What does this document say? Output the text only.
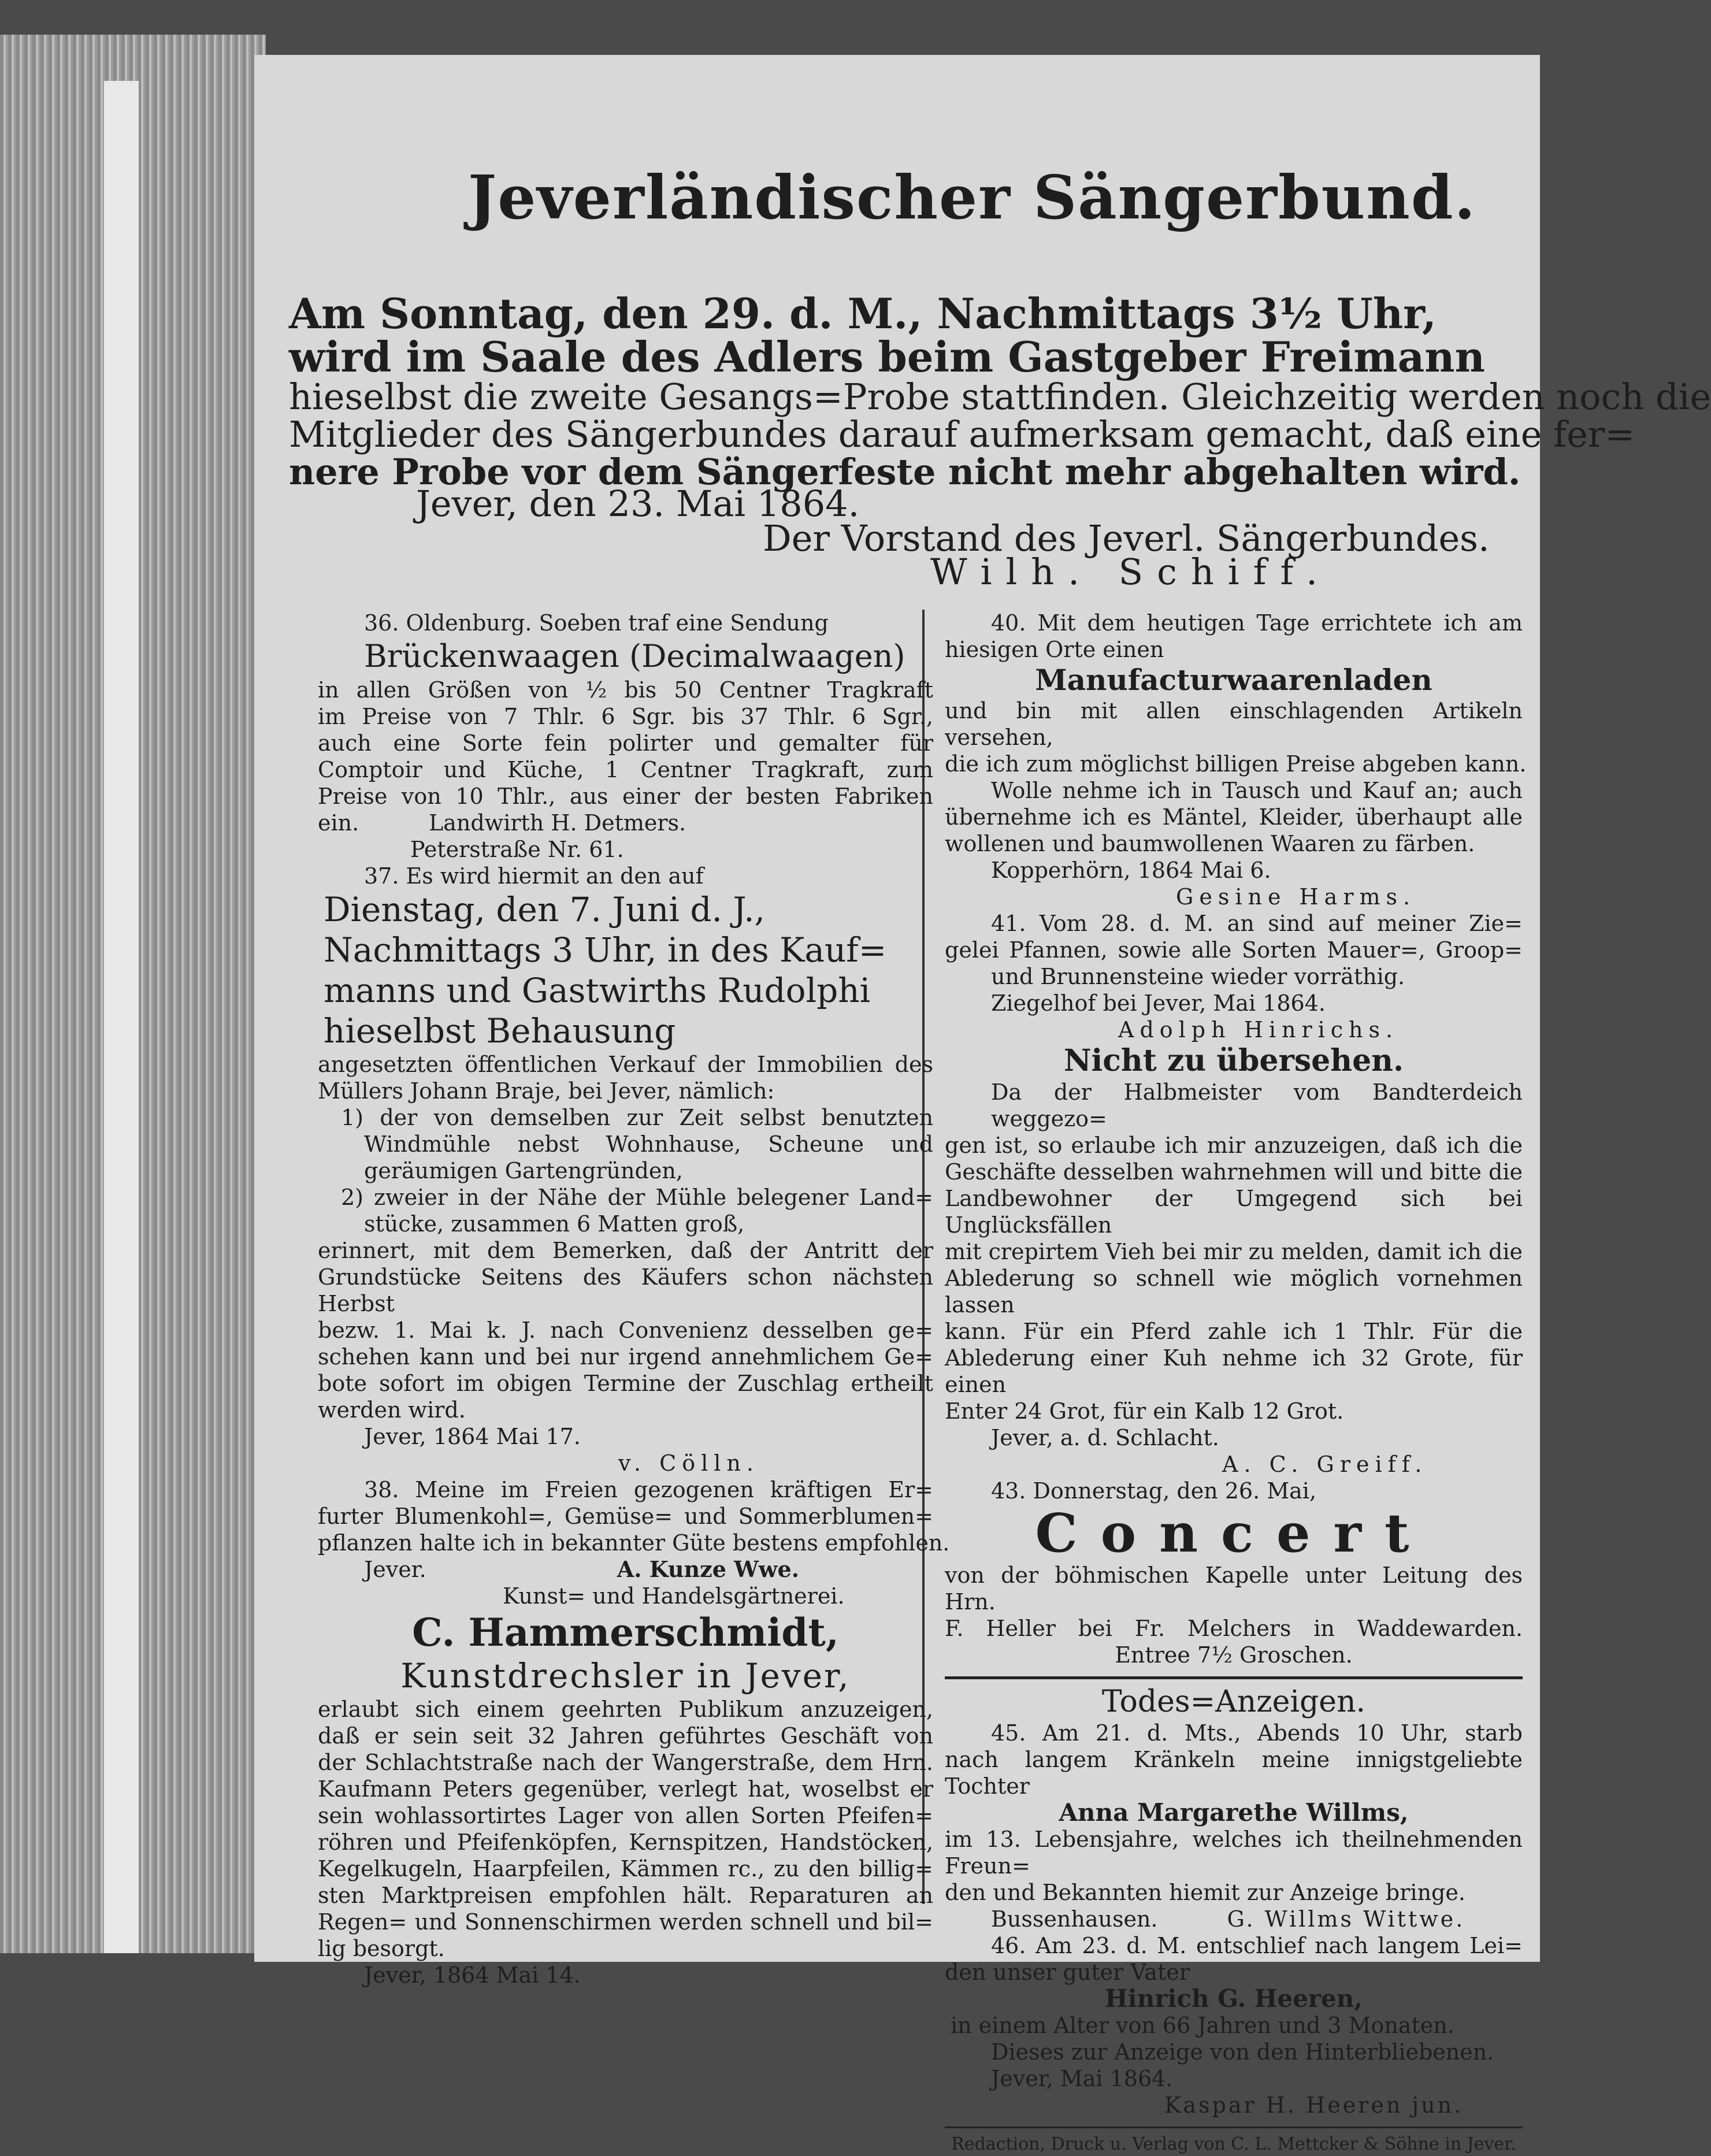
Jeverländischer Sängerbund.

Am Sonntag, den 29. d. M., Nachmittags 3½ Uhr,

wird im Saale des Adlers beim Gastgeber Freimann

hieselbst die zweite Gesangs=Probe stattfinden. Gleichzeitig werden noch die

Mitglieder des Sängerbundes darauf aufmerksam gemacht, daß eine fer=

nere Probe vor dem Sängerfeste nicht mehr abgehalten wird.

Jever, den 23. Mai 1864.

Der Vorstand des Jeverl. Sängerbundes.

Wilh. Schiff.

36. Oldenburg. Soeben traf eine Sendung

Brückenwaagen (Decimalwaagen)

in allen Größen von ½ bis 50 Centner Tragkraft

im Preise von 7 Thlr. 6 Sgr. bis 37 Thlr. 6 Sgr.,

auch eine Sorte fein polirter und gemalter für

Comptoir und Küche, 1 Centner Tragkraft, zum

Preise von 10 Thlr., aus einer der besten Fabriken

ein.          Landwirth H. Detmers.

Peterstraße Nr. 61.

37. Es wird hiermit an den auf

Dienstag, den 7. Juni d. J.,

Nachmittags 3 Uhr, in des Kauf=

manns und Gastwirths Rudolphi

hieselbst Behausung

angesetzten öffentlichen Verkauf der Immobilien des

Müllers Johann Braje, bei Jever, nämlich:

1) der von demselben zur Zeit selbst benutzten

Windmühle nebst Wohnhause, Scheune und

geräumigen Gartengründen,

2) zweier in der Nähe der Mühle belegener Land=

stücke, zusammen 6 Matten groß,

erinnert, mit dem Bemerken, daß der Antritt der

Grundstücke Seitens des Käufers schon nächsten Herbst

bezw. 1. Mai k. J. nach Convenienz desselben ge=

schehen kann und bei nur irgend annehmlichem Ge=

bote sofort im obigen Termine der Zuschlag ertheilt

werden wird.

Jever, 1864 Mai 17.

v. Cölln.

38. Meine im Freien gezogenen kräftigen Er=

furter Blumenkohl=, Gemüse= und Sommerblumen=

pflanzen halte ich in bekannter Güte bestens empfohlen.

Jever.	A. Kunze Wwe.

Kunst= und Handelsgärtnerei.

C. Hammerschmidt,

Kunstdrechsler in Jever,

erlaubt sich einem geehrten Publikum anzuzeigen,

daß er sein seit 32 Jahren geführtes Geschäft von

der Schlachtstraße nach der Wangerstraße, dem Hrn.

Kaufmann Peters gegenüber, verlegt hat, woselbst er

sein wohlassortirtes Lager von allen Sorten Pfeifen=

röhren und Pfeifenköpfen, Kernspitzen, Handstöcken,

Kegelkugeln, Haarpfeilen, Kämmen rc., zu den billig=

sten Marktpreisen empfohlen hält. Reparaturen an

Regen= und Sonnenschirmen werden schnell und bil=

lig besorgt.

Jever, 1864 Mai 14.

40. Mit dem heutigen Tage errichtete ich am

hiesigen Orte einen

Manufacturwaarenladen

und bin mit allen einschlagenden Artikeln versehen,

die ich zum möglichst billigen Preise abgeben kann.

Wolle nehme ich in Tausch und Kauf an; auch

übernehme ich es Mäntel, Kleider, überhaupt alle

wollenen und baumwollenen Waaren zu färben.

Kopperhörn, 1864 Mai 6.

Gesine Harms.

41. Vom 28. d. M. an sind auf meiner Zie=

gelei Pfannen, sowie alle Sorten Mauer=, Groop=

und Brunnensteine wieder vorräthig.

Ziegelhof bei Jever, Mai 1864.

Adolph Hinrichs.

Nicht zu übersehen.

Da der Halbmeister vom Bandterdeich weggezo=

gen ist, so erlaube ich mir anzuzeigen, daß ich die

Geschäfte desselben wahrnehmen will und bitte die

Landbewohner der Umgegend sich bei Unglücksfällen

mit crepirtem Vieh bei mir zu melden, damit ich die

Ablederung so schnell wie möglich vornehmen lassen

kann. Für ein Pferd zahle ich 1 Thlr. Für die

Ablederung einer Kuh nehme ich 32 Grote, für einen

Enter 24 Grot, für ein Kalb 12 Grot.

Jever, a. d. Schlacht.

A. C. Greiff.

43. Donnerstag, den 26. Mai,

Concert

von der böhmischen Kapelle unter Leitung des Hrn.

F. Heller bei Fr. Melchers in Waddewarden.

Entree 7½ Groschen.

Todes=Anzeigen.

45. Am 21. d. Mts., Abends 10 Uhr, starb

nach langem Kränkeln meine innigstgeliebte Tochter

Anna Margarethe Willms,

im 13. Lebensjahre, welches ich theilnehmenden Freun=

den und Bekannten hiemit zur Anzeige bringe.

Bussenhausen.	G. Willms Wittwe.

46. Am 23. d. M. entschlief nach langem Lei=

den unser guter Vater

Hinrich G. Heeren,

in einem Alter von 66 Jahren und 3 Monaten.

Dieses zur Anzeige von den Hinterbliebenen.

Jever, Mai 1864.

Kaspar H. Heeren jun.

Redaction, Druck u. Verlag von C. L. Mettcker & Söhne in Jever.
